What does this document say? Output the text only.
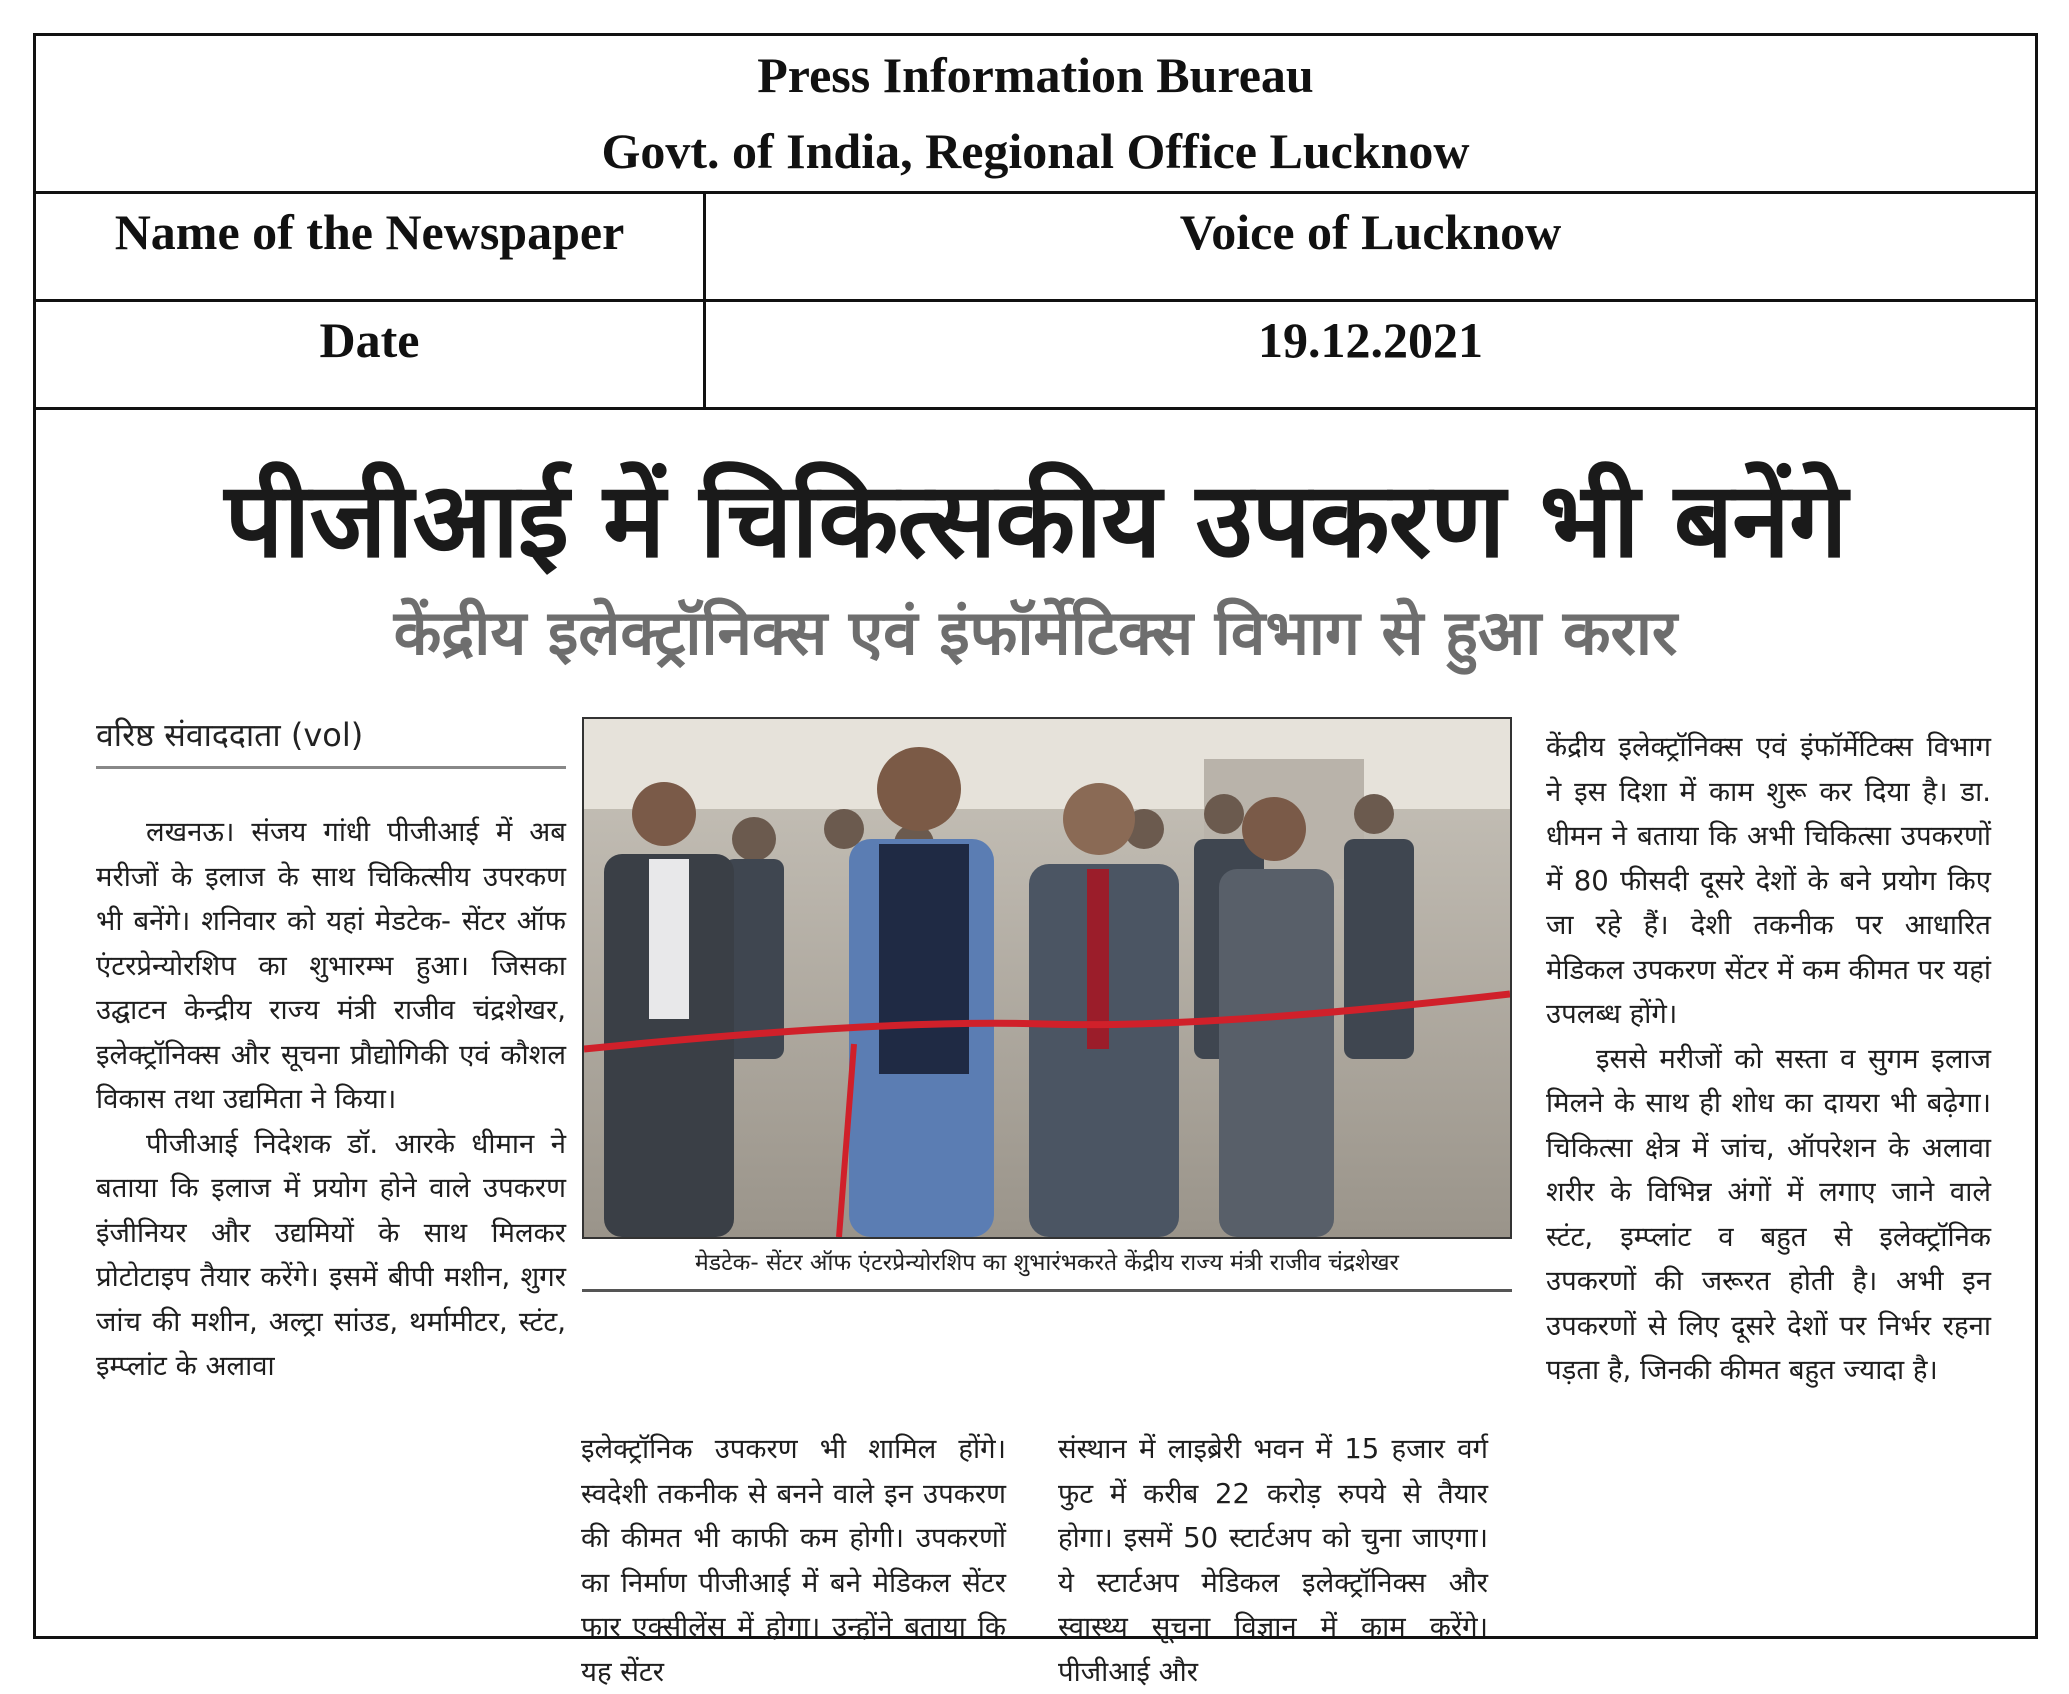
Press Information Bureau
Govt. of India, Regional Office Lucknow
Name of the Newspaper	Voice of Lucknow
Date	19.12.2021
पीजीआई में चिकित्सकीय उपकरण भी बनेंगे
केंद्रीय इलेक्ट्रॉनिक्स एवं इंफॉर्मेटिक्स विभाग से हुआ करार
वरिष्ठ संवाददाता (vol)

लखनऊ। संजय गांधी पीजीआई में अब मरीजों के इलाज के साथ चिकित्सीय उपरकण भी बनेंगे। शनिवार को यहां मेडटेक- सेंटर ऑफ एंटरप्रेन्योरशिप का शुभारम्भ हुआ। जिसका उद्घाटन केन्द्रीय राज्य मंत्री राजीव चंद्रशेखर, इलेक्ट्रॉनिक्स और सूचना प्रौद्योगिकी एवं कौशल विकास तथा उद्यमिता ने किया।

पीजीआई निदेशक डॉ. आरके धीमान ने बताया कि इलाज में प्रयोग होने वाले उपकरण इंजीनियर और उद्यमियों के साथ मिलकर प्रोटोटाइप तैयार करेंगे। इसमें बीपी मशीन, शुगर जांच की मशीन, अल्ट्रा सांउड, थर्मामीटर, स्टंट, इम्प्लांट के अलावा

मेडटेक- सेंटर ऑफ एंटरप्रेन्योरशिप का शुभारंभकरते केंद्रीय राज्य मंत्री राजीव चंद्रशेखर

इलेक्ट्रॉनिक उपकरण भी शामिल होंगे। स्वदेशी तकनीक से बनने वाले इन उपकरण की कीमत भी काफी कम होगी। उपकरणों का निर्माण पीजीआई में बने मेडिकल सेंटर फार एक्सीलेंस में होगा। उन्होंने बताया कि यह सेंटर

संस्थान में लाइब्रेरी भवन में 15 हजार वर्ग फुट में करीब 22 करोड़ रुपये से तैयार होगा। इसमें 50 स्टार्टअप को चुना जाएगा। ये स्टार्टअप मेडिकल इलेक्ट्रॉनिक्स और स्वास्थ्य सूचना विज्ञान में काम करेंगे। पीजीआई और

केंद्रीय इलेक्ट्रॉनिक्स एवं इंफॉर्मेटिक्स विभाग ने इस दिशा में काम शुरू कर दिया है। डा. धीमन ने बताया कि अभी चिकित्सा उपकरणों में 80 फीसदी दूसरे देशों के बने प्रयोग किए जा रहे हैं। देशी तकनीक पर आधारित मेडिकल उपकरण सेंटर में कम कीमत पर यहां उपलब्ध होंगे।

इससे मरीजों को सस्ता व सुगम इलाज मिलने के साथ ही शोध का दायरा भी बढ़ेगा। चिकित्सा क्षेत्र में जांच, ऑपरेशन के अलावा शरीर के विभिन्न अंगों में लगाए जाने वाले स्टंट, इम्प्लांट व बहुत से इलेक्ट्रॉनिक उपकरणों की जरूरत होती है। अभी इन उपकरणों से लिए दूसरे देशों पर निर्भर रहना पड़ता है, जिनकी कीमत बहुत ज्यादा है।
